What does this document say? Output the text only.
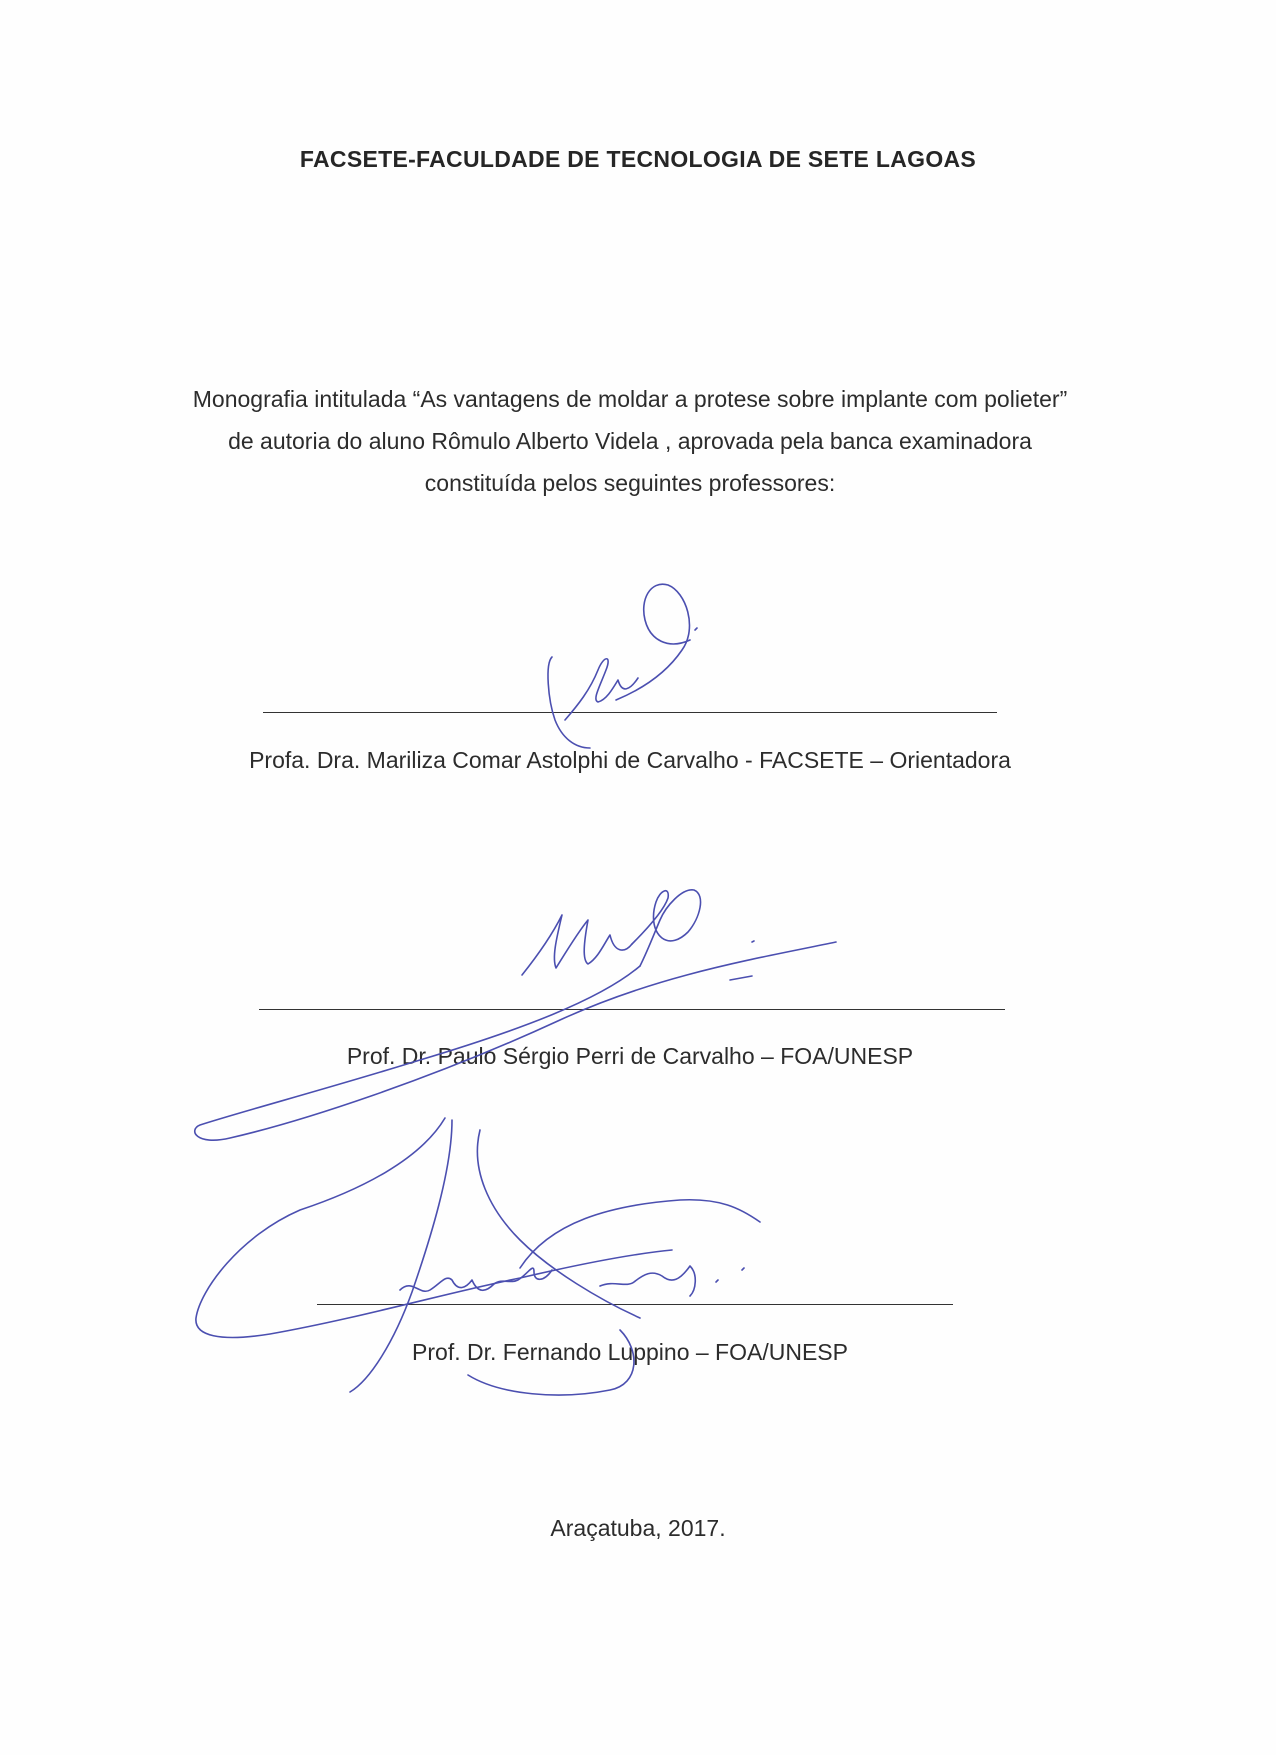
FACSETE-FACULDADE DE TECNOLOGIA DE SETE LAGOAS
Monografia intitulada “As vantagens de moldar a protese sobre implante com polieter”
de autoria do aluno Rômulo Alberto Videla , aprovada pela banca examinadora
constituída pelos seguintes professores:
Profa. Dra. Mariliza Comar Astolphi de Carvalho - FACSETE – Orientadora
Prof. Dr. Paulo Sérgio Perri de Carvalho – FOA/UNESP
Prof. Dr. Fernando Luppino – FOA/UNESP
Araçatuba, 2017.
